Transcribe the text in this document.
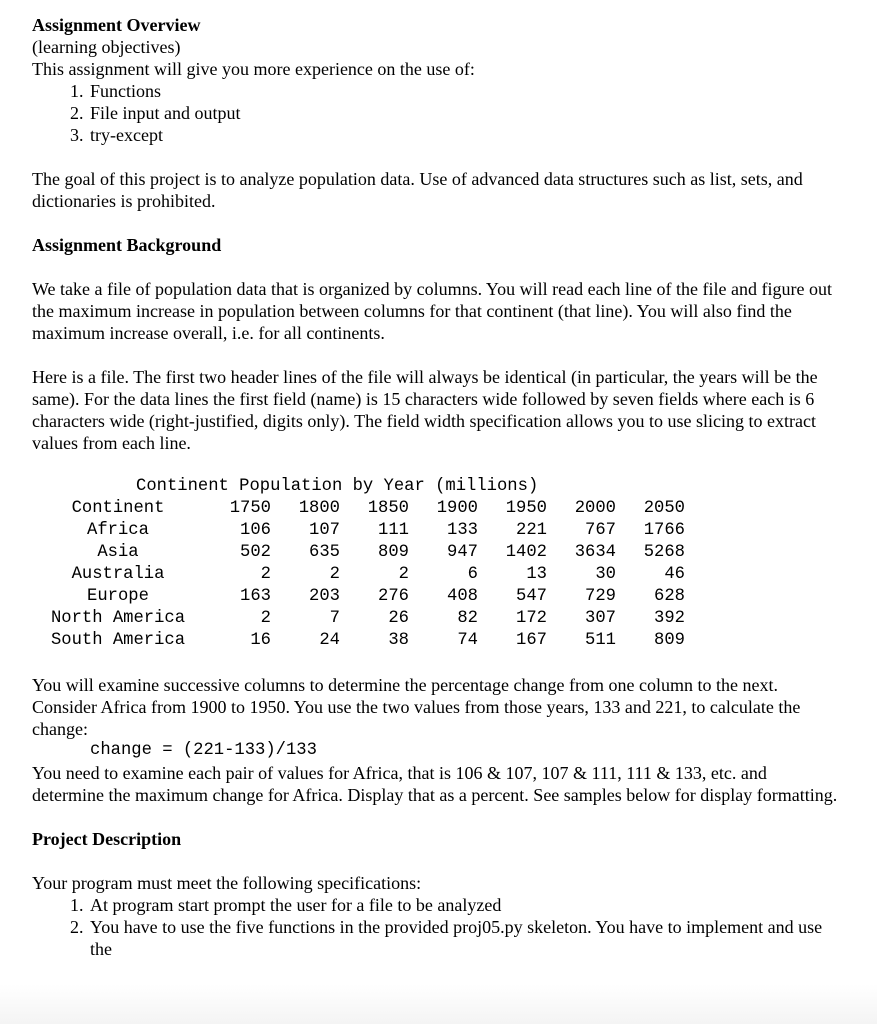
Assignment Overview

(learning objectives)

This assignment will give you more experience on the use of:

1. Functions
2. File input and output
3. try-except

The goal of this project is to analyze population data. Use of advanced data structures such as list, sets, and dictionaries is prohibited.

Assignment Background

We take a file of population data that is organized by columns. You will read each line of the file and figure out the maximum increase in population between columns for that continent (that line). You will also find the maximum increase overall, i.e. for all continents.

Here is a file. The first two header lines of the file will always be identical (in particular, the years will be the same). For the data lines the first field (name) is 15 characters wide followed by seven fields where each is 6 characters wide (right-justified, digits only). The field width specification allows you to use slicing to extract values from each line.

Continent Population by Year (millions)
Continent	1750	1800	1850	1900	1950	2000	2050
Africa	106	107	111	133	221	767	1766
Asia	502	635	809	947	1402	3634	5268
Australia	2	2	2	6	13	30	46
Europe	163	203	276	408	547	729	628
North America	2	7	26	82	172	307	392
South America	16	24	38	74	167	511	809

You will examine successive columns to determine the percentage change from one column to the next. Consider Africa from 1900 to 1950. You use the two values from those years, 133 and 221, to calculate the change:

change = (221-133)/133

You need to examine each pair of values for Africa, that is 106 & 107, 107 & 111, 111 & 133, etc. and determine the maximum change for Africa. Display that as a percent. See samples below for display formatting.

Project Description

Your program must meet the following specifications:

1. At program start prompt the user for a file to be analyzed
2. You have to use the five functions in the provided proj05.py skeleton. You have to implement and use the
